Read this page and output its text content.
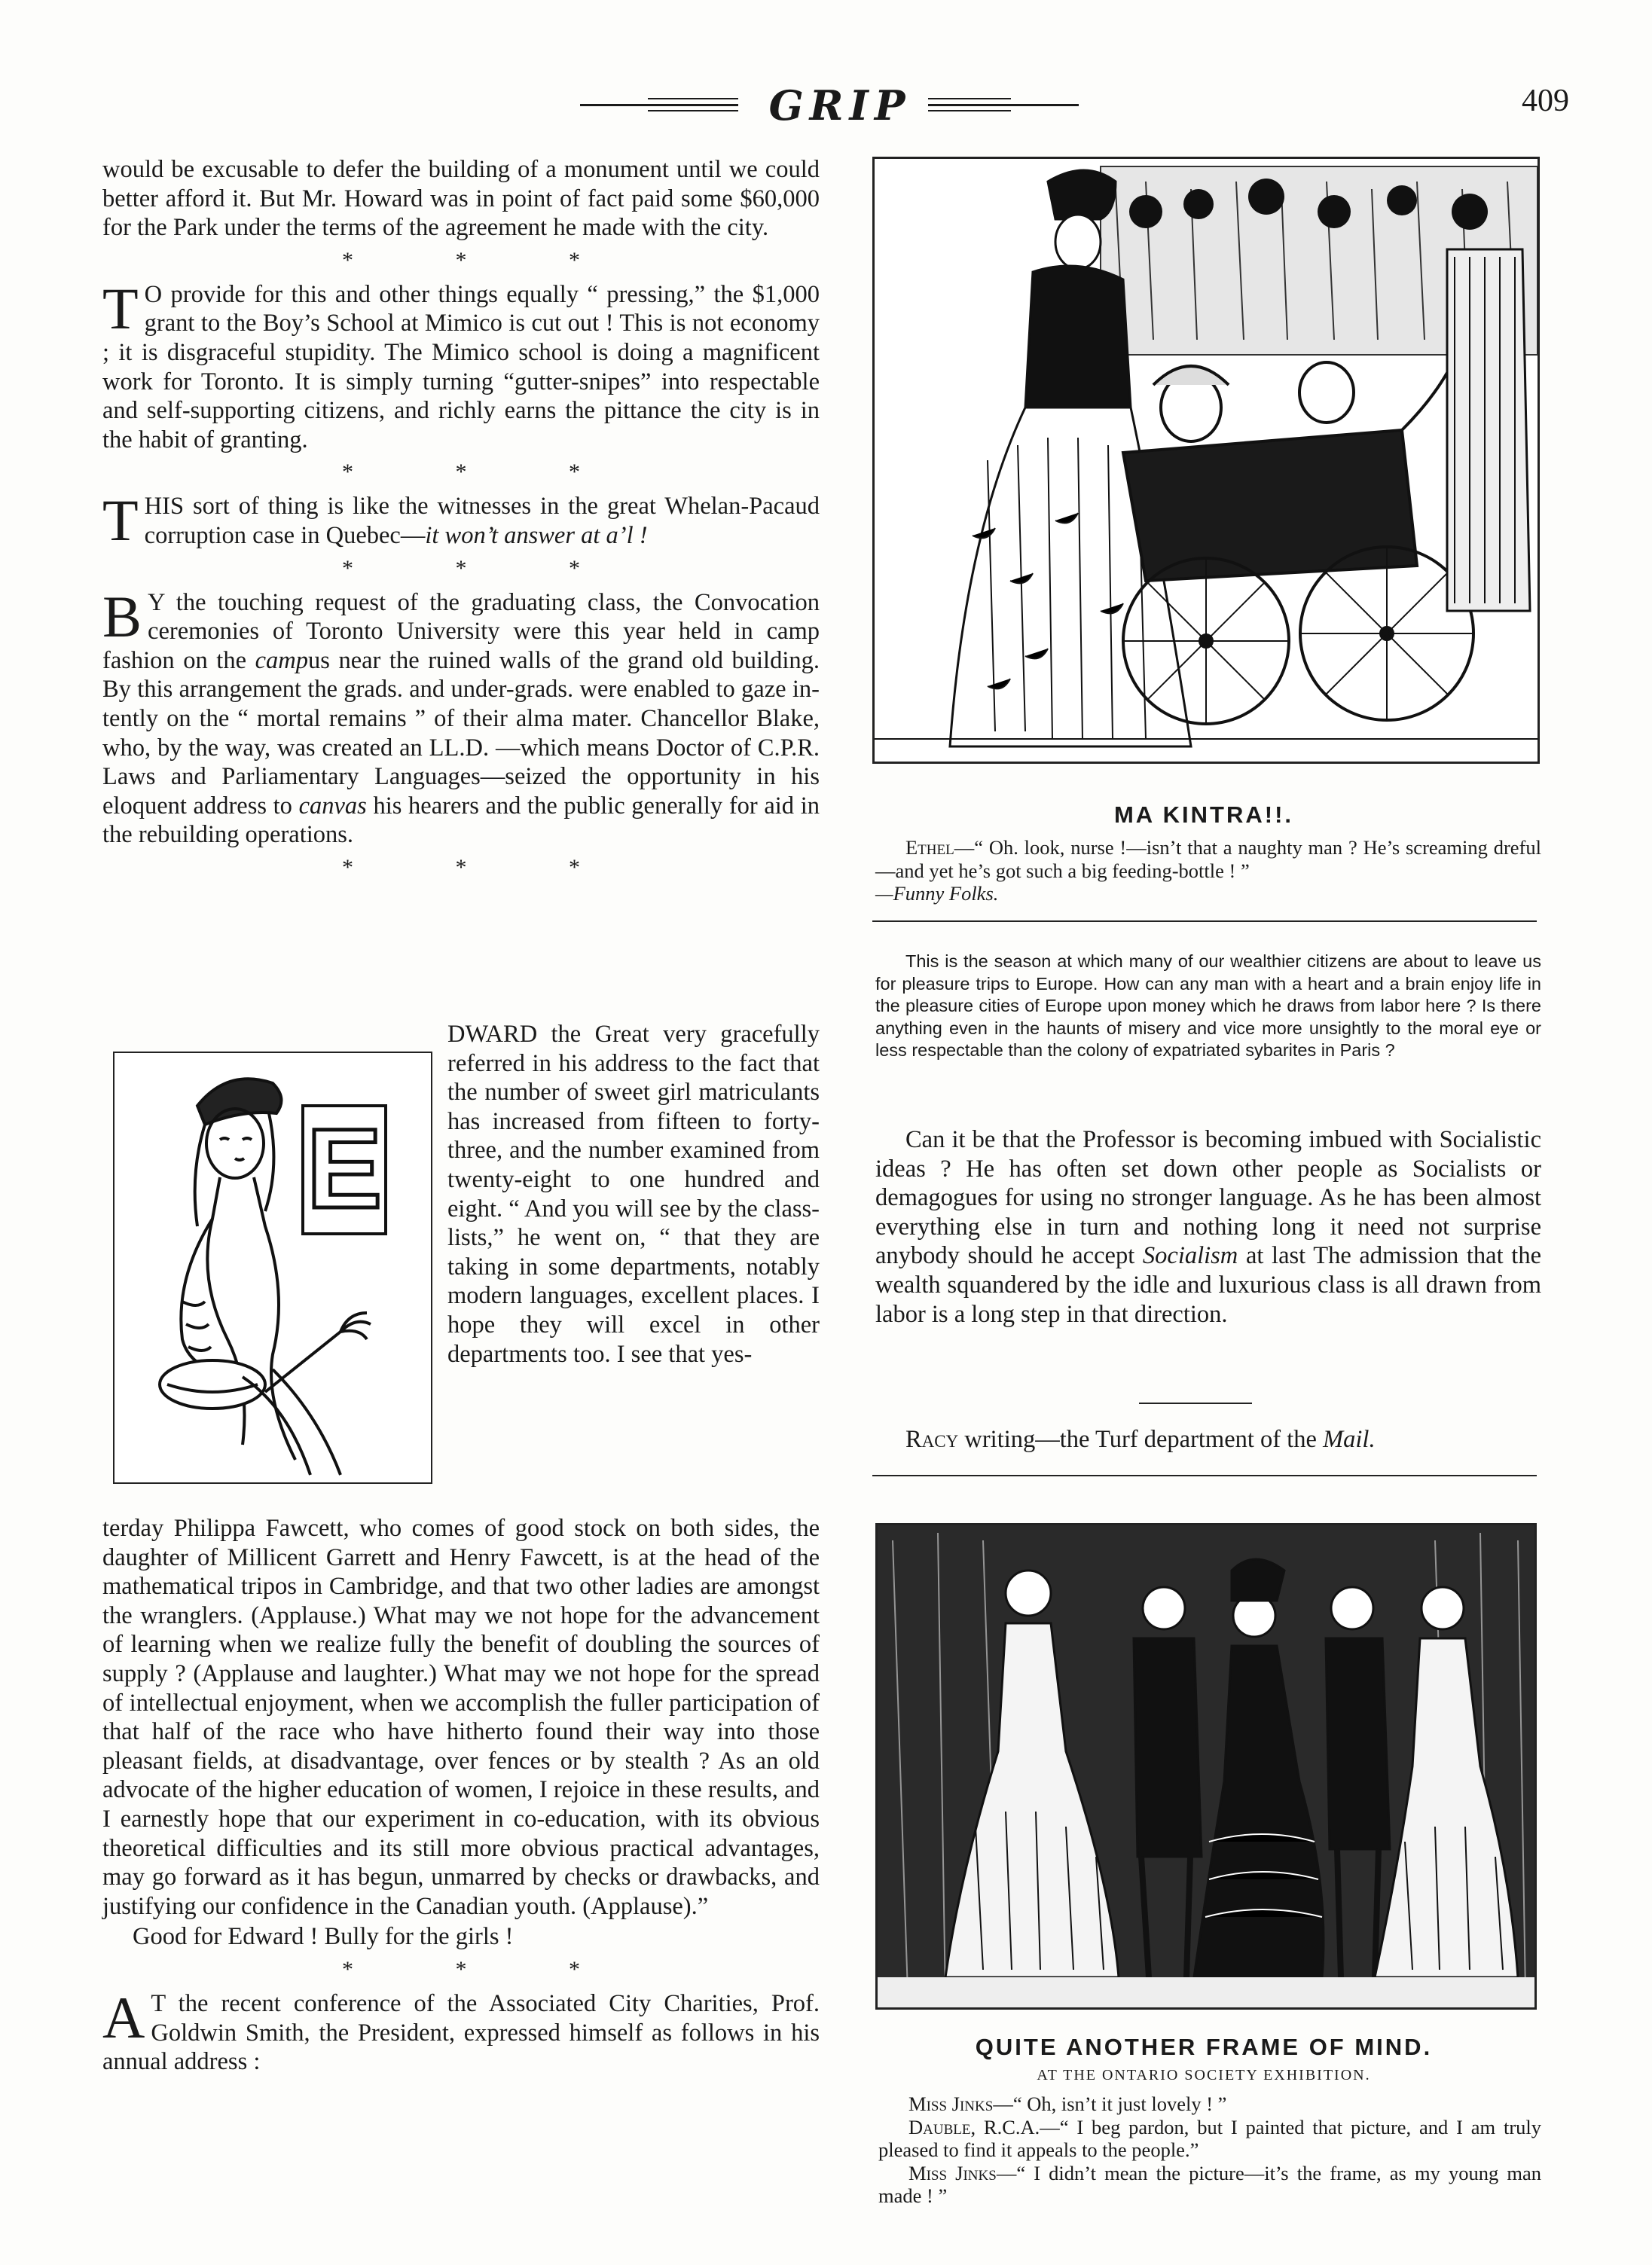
GRIP	409

would be excusable to defer the building of a monument until we could better afford it. But Mr. Howard was in point of fact paid some $60,000 for the Park under the terms of the agreement he made with the city.

* * *

T O provide for this and other things equally “ pressing,” the $1,000 grant to the Boy’s School at Mimico is cut out ! This is not economy ; it is disgraceful stupidity. The Mimico school is doing a magnificent work for Toronto. It is simply turning “gutter-snipes” into respectable and self-supporting citizens, and richly earns the pittance the city is in the habit of granting.

* * *

THIS sort of thing is like the witnesses in the great Whelan-Pacaud corruption case in Quebec—it won’t answer at a’l !

* * *

B Y the touching request of the graduating class, the Convocation ceremonies of Toronto University were this year held in camp fashion on the campus near the ruined walls of the grand old building. By this arrangement the grads. and under-grads. were enabled to gaze in-tently on the “ mortal remains ” of their alma mater. Chancellor Blake, who, by the way, was created an LL.D. —which means Doctor of C.P.R. Laws and Parliamentary Languages—seized the opportunity in his eloquent address to canvas his hearers and the public generally for aid in the rebuilding operations.

* * *
E

DWARD the Great very gracefully referred in his address to the fact that the number of sweet girl matriculants has increased from fifteen to forty-three, and the number examined from twenty-eight to one hundred and eight. “ And you will see by the class-lists,” he went on, “ that they are taking in some departments, notably modern languages, excellent places. I hope they will excel in other departments too. I see that yes-

terday Philippa Fawcett, who comes of good stock on both sides, the daughter of Millicent Garrett and Henry Fawcett, is at the head of the mathematical tripos in Cambridge, and that two other ladies are amongst the wranglers. (Applause.) What may we not hope for the advancement of learning when we realize fully the benefit of doubling the sources of supply ? (Applause and laughter.) What may we not hope for the spread of intellectual enjoyment, when we accomplish the fuller participation of that half of the race who have hitherto found their way into those pleasant fields, at disadvantage, over fences or by stealth ? As an old advocate of the higher education of women, I rejoice in these results, and I earnestly hope that our experiment in co-education, with its obvious theoretical difficulties and its still more obvious practical advantages, may go forward as it has begun, unmarred by checks or drawbacks, and justifying our confidence in the Canadian youth. (Applause).”

Good for Edward ! Bully for the girls !

* * *

A T the recent conference of the Associated City Charities, Prof. Goldwin Smith, the President, expressed himself as follows in his annual address :

MA KINTRA!!.

Ethel—“ Oh. look, nurse !—isn’t that a naughty man ? He’s screaming dreful—and yet he’s got such a big feeding-bottle ! ”

—Funny Folks.

This is the season at which many of our wealthier citizens are about to leave us for pleasure trips to Europe. How can any man with a heart and a brain enjoy life in the pleasure cities of Europe upon money which he draws from labor here ? Is there anything even in the haunts of misery and vice more unsightly to the moral eye or less respectable than the colony of expatriated sybarites in Paris ?

Can it be that the Professor is becoming imbued with Socialistic ideas ? He has often set down other people as Socialists or demagogues for using no stronger language. As he has been almost everything else in turn and nothing long it need not surprise anybody should he accept Socialism at last The admission that the wealth squandered by the idle and luxurious class is all drawn from labor is a long step in that direction.

Racy writing—the Turf department of the Mail.

QUITE ANOTHER FRAME OF MIND.
AT THE ONTARIO SOCIETY EXHIBITION.

Miss Jinks—“ Oh, isn’t it just lovely ! ”

Dauble, R.C.A.—“ I beg pardon, but I painted that picture, and I am truly pleased to find it appeals to the people.”

Miss Jinks—“ I didn’t mean the picture—it’s the frame, as my young man made ! ”
